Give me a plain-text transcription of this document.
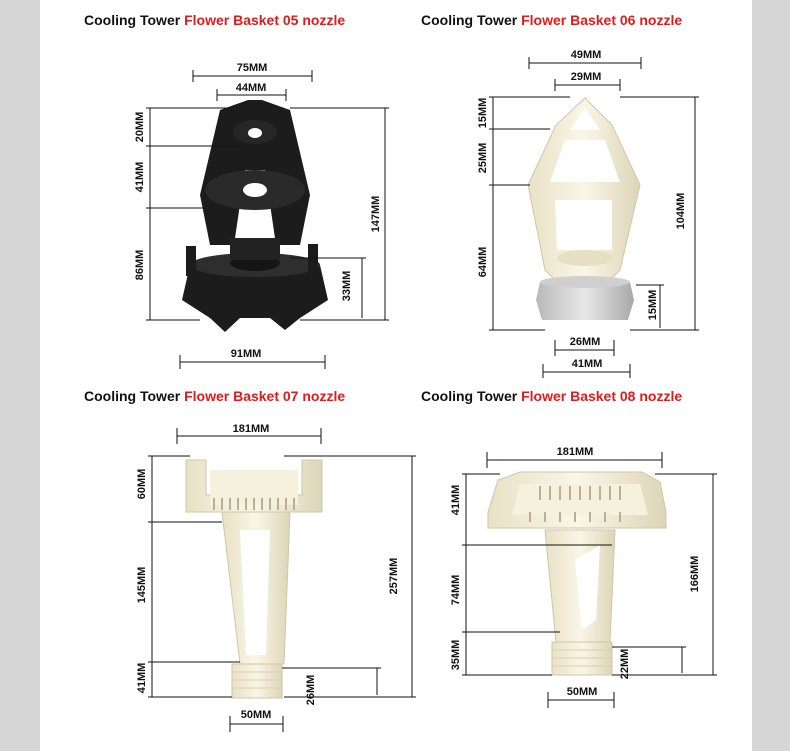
Cooling Tower Flower Basket 05 nozzle	Cooling Tower Flower Basket 06 nozzle
Cooling Tower Flower Basket 07 nozzle	Cooling Tower Flower Basket 08 nozzle
75MM
44MM
20MM
41MM
86MM
147MM
33MM
91MM
49MM
29MM
15MM
25MM
64MM
104MM
15MM
26MM
41MM
181MM
60MM
145MM
41MM
257MM
26MM
50MM
181MM
41MM
74MM
35MM
166MM
22MM
50MM
